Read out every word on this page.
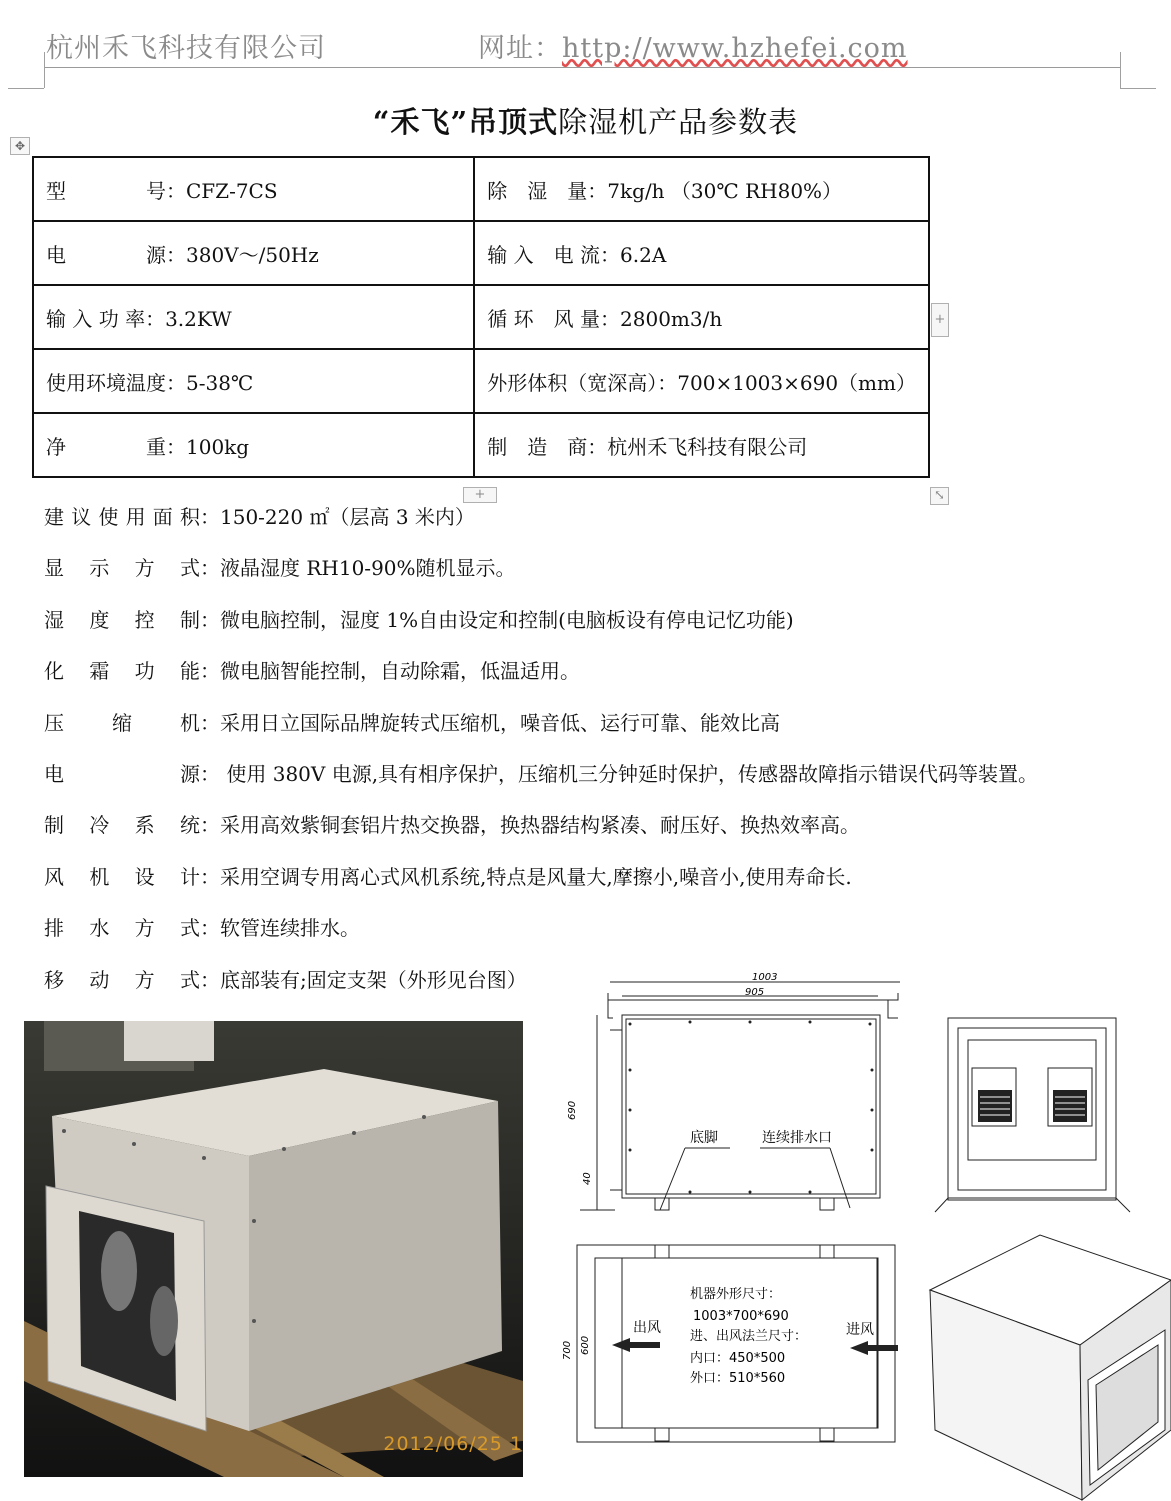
杭州禾飞科技有限公司	网址：http://www.hzhefei.com
“禾飞”吊顶式除湿机产品参数表
✥
型　　　　号：CFZ-7CS	除　湿　量：7kg/h （30℃ RH80%）
电　　　　源：380V～/50Hz	输 入　电 流：6.2A
输 入 功 率：3.2KW	循 环　风 量：2800m3/h
使用环境温度：5-38℃	外形体积（宽深高）：700×1003×690（mm）
净　　　　重：100kg	制　造　商：杭州禾飞科技有限公司
+
+	⤡
建议使用面积：150-220 ㎡（层高 3 米内）
显示方式：液晶湿度 RH10-90%随机显示。
湿度控制：微电脑控制，湿度 1%自由设定和控制(电脑板设有停电记忆功能)
化霜功能：微电脑智能控制，自动除霜，低温适用。
压缩机：采用日立国际品牌旋转式压缩机，噪音低、运行可靠、能效比高
电源： 使用 380V 电源,具有相序保护，压缩机三分钟延时保护，传感器故障指示错误代码等装置。
制冷系统：采用高效紫铜套铝片热交换器，换热器结构紧凑、耐压好、换热效率高。
风机设计：采用空调专用离心式风机系统,特点是风量大,摩擦小,噪音小,使用寿命长.
排水方式：软管连续排水。
移动方式：底部装有;固定支架（外形见台图）
2012/06/25 1
1003
905
690
40
底脚	连续排水口
700 600
出风	进风
机器外形尺寸：
1003*700*690
进、出风法兰尺寸：
内口：450*500
外口：510*560
